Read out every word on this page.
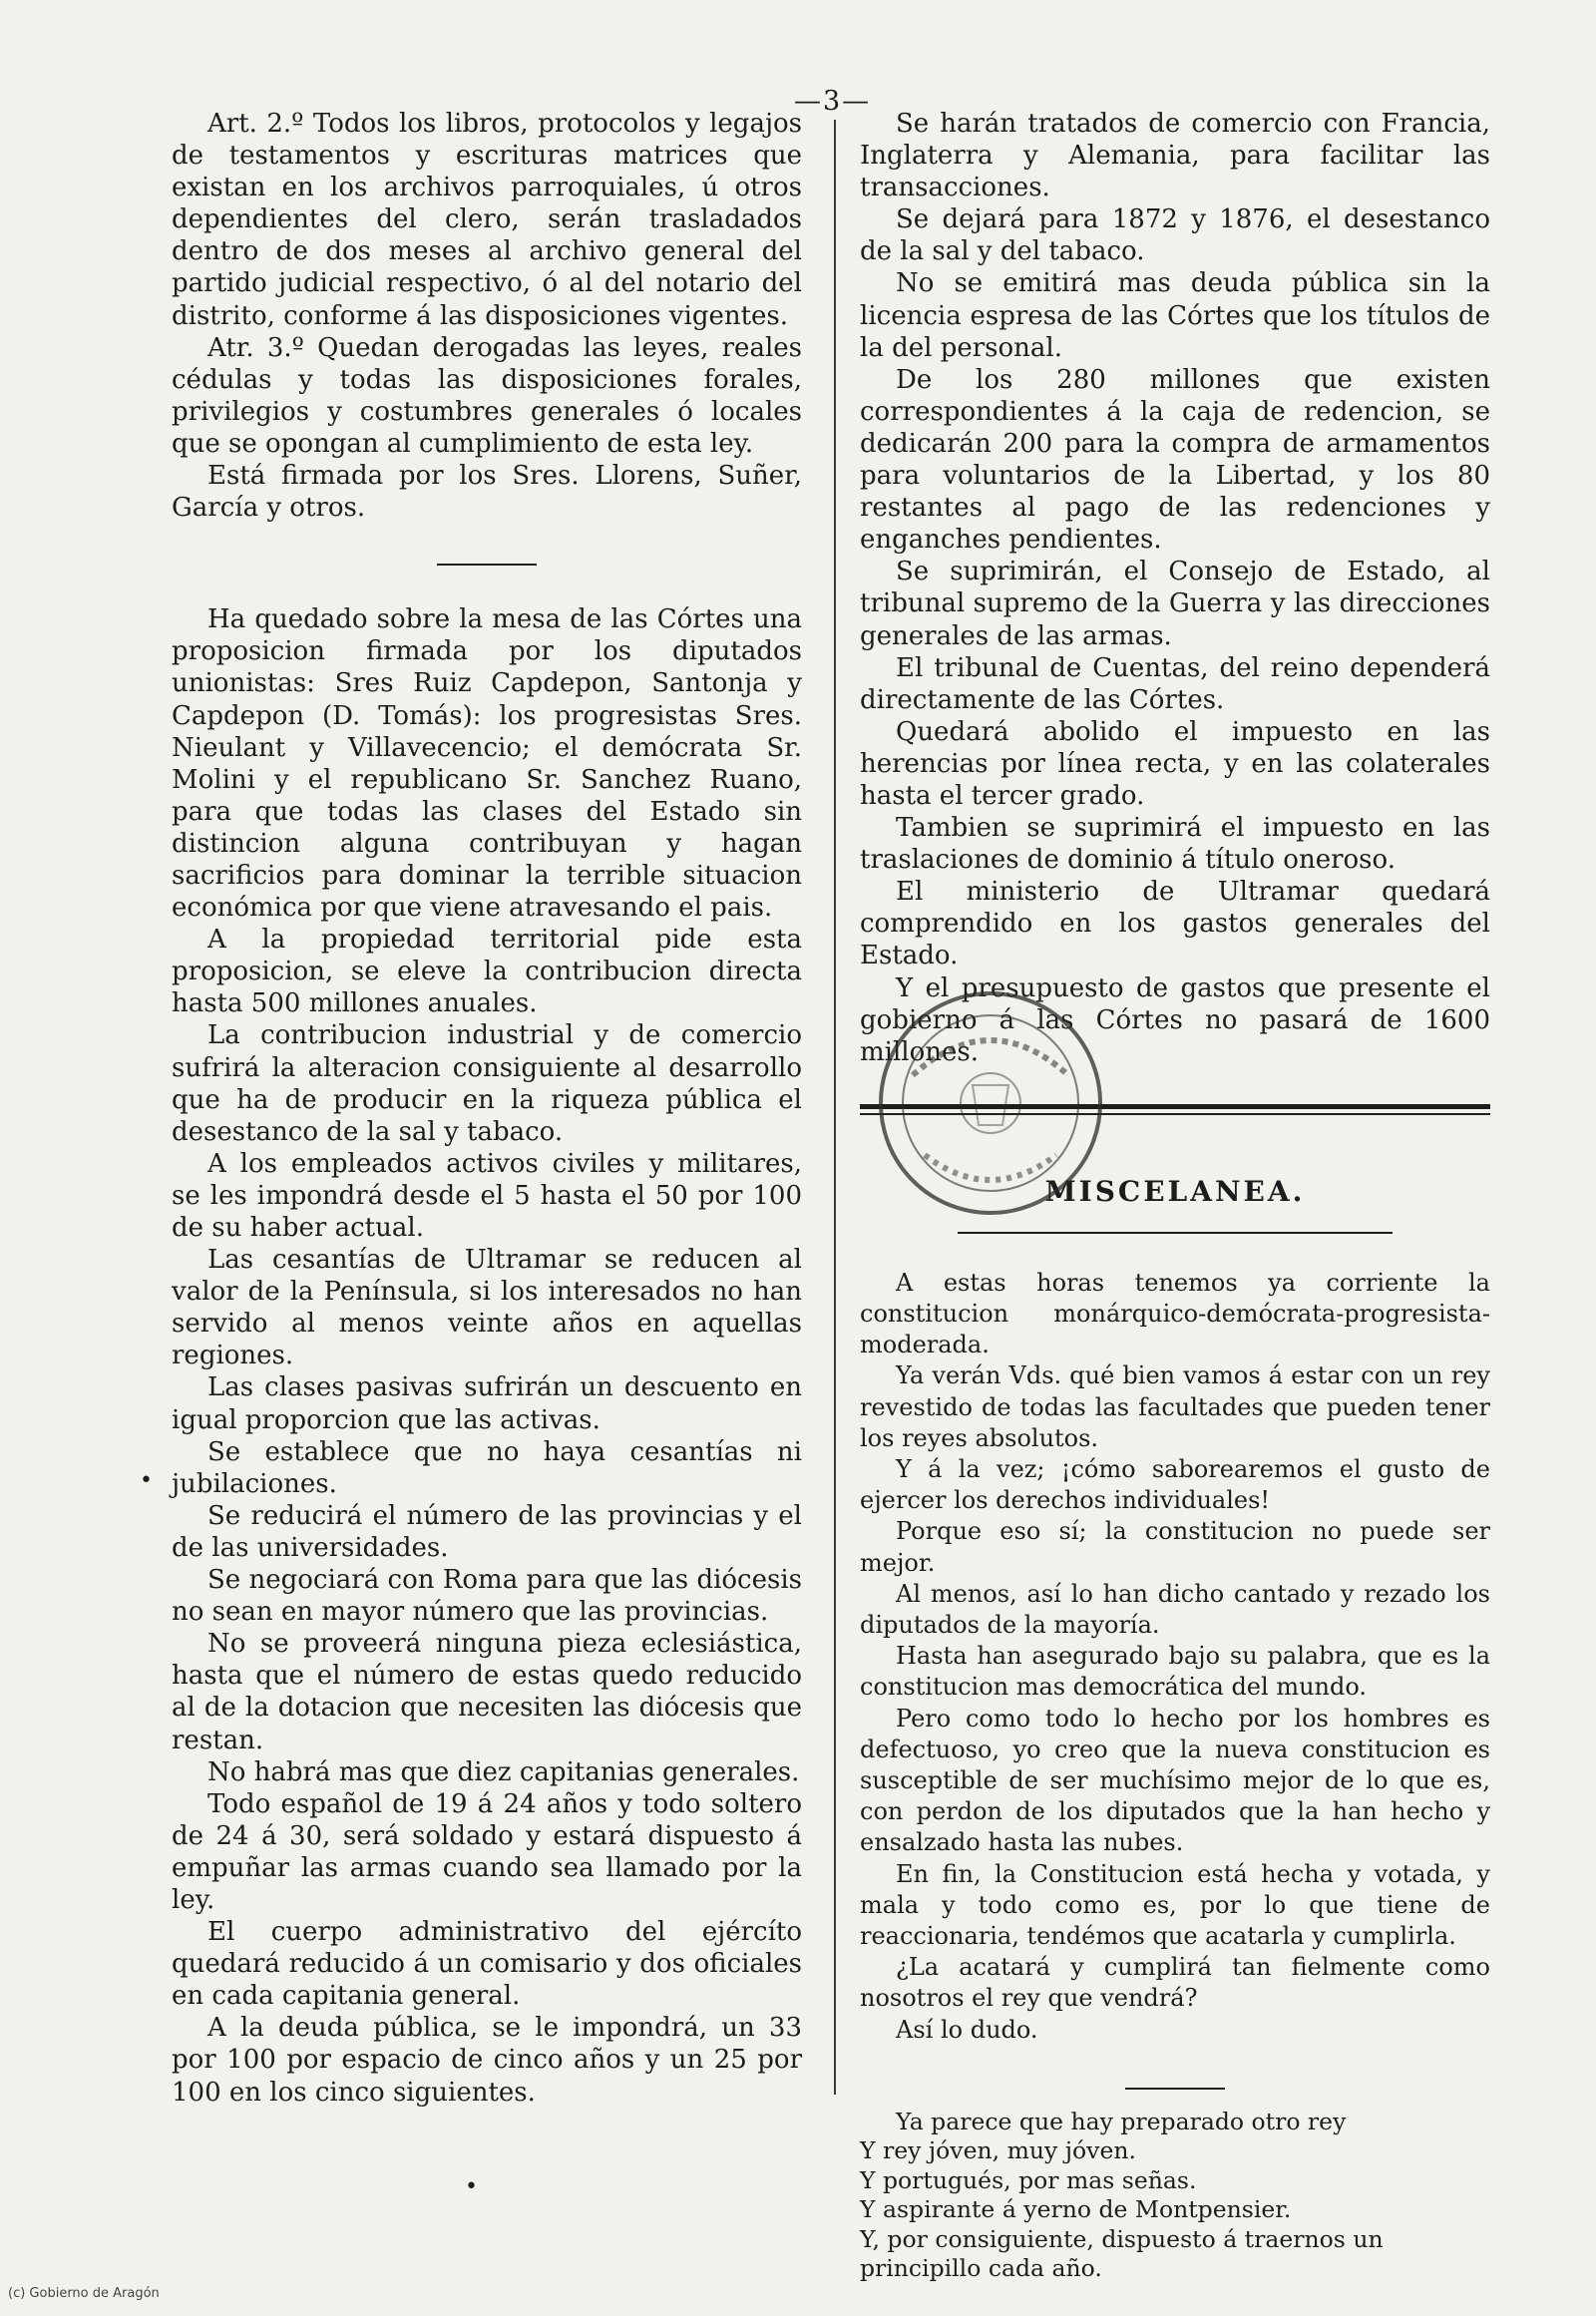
—3—

Art. 2.º Todos los libros, protocolos y legajos de testamentos y escrituras matrices que existan en los archivos parroquiales, ú otros dependientes del clero, serán trasladados dentro de dos meses al archivo general del partido judicial respectivo, ó al del notario del distrito, conforme á las disposiciones vigentes.

Atr. 3.º Quedan derogadas las leyes, reales cédulas y todas las disposiciones forales, privilegios y costumbres generales ó locales que se opongan al cumplimiento de esta ley.

Está firmada por los Sres. Llorens, Suñer, García y otros.

Ha quedado sobre la mesa de las Córtes una proposicion firmada por los diputados unionistas: Sres Ruiz Capdepon, Santonja y Capdepon (D. Tomás): los progresistas Sres. Nieulant y Villavecencio; el demócrata Sr. Molini y el republicano Sr. Sanchez Ruano, para que todas las clases del Estado sin distincion alguna contribuyan y hagan sacrificios para dominar la terrible situacion económica por que viene atravesando el pais.

A la propiedad territorial pide esta proposicion, se eleve la contribucion directa hasta 500 millones anuales.

La contribucion industrial y de comercio sufrirá la alteracion consiguiente al desarrollo que ha de producir en la riqueza pública el desestanco de la sal y tabaco.

A los empleados activos civiles y militares, se les impondrá desde el 5 hasta el 50 por 100 de su haber actual.

Las cesantías de Ultramar se reducen al valor de la Península, si los interesados no han servido al menos veinte años en aquellas regiones.

Las clases pasivas sufrirán un descuento en igual proporcion que las activas.

Se establece que no haya cesantías ni jubilaciones.

Se reducirá el número de las provincias y el de las universidades.

Se negociará con Roma para que las diócesis no sean en mayor número que las provincias.

No se proveerá ninguna pieza eclesiástica, hasta que el número de estas quedo reducido al de la dotacion que necesiten las diócesis que restan.

No habrá mas que diez capitanias generales.

Todo español de 19 á 24 años y todo soltero de 24 á 30, será soldado y estará dispuesto á empuñar las armas cuando sea llamado por la ley.

El cuerpo administrativo del ejércíto quedará reducido á un comisario y dos oficiales en cada capitania general.

A la deuda pública, se le impondrá, un 33 por 100 por espacio de cinco años y un 25 por 100 en los cinco siguientes.

Se harán tratados de comercio con Francia, Inglaterra y Alemania, para facilitar las transacciones.

Se dejará para 1872 y 1876, el desestanco de la sal y del tabaco.

No se emitirá mas deuda pública sin la licencia espresa de las Córtes que los títulos de la del personal.

De los 280 millones que existen correspondientes á la caja de redencion, se dedicarán 200 para la compra de armamentos para voluntarios de la Libertad, y los 80 restantes al pago de las redenciones y enganches pendientes.

Se suprimirán, el Consejo de Estado, al tribunal supremo de la Guerra y las direcciones generales de las armas.

El tribunal de Cuentas, del reino dependerá directamente de las Córtes.

Quedará abolido el impuesto en las herencias por línea recta, y en las colaterales hasta el tercer grado.

Tambien se suprimirá el impuesto en las traslaciones de dominio á título oneroso.

El ministerio de Ultramar quedará comprendido en los gastos generales del Estado.

Y el presupuesto de gastos que presente el gobierno á las Córtes no pasará de 1600 millones.

MISCELANEA.

A estas horas tenemos ya corriente la constitucion monárquico-demócrata-progresista-moderada.

Ya verán Vds. qué bien vamos á estar con un rey revestido de todas las facultades que pueden tener los reyes absolutos.

Y á la vez; ¡cómo saborearemos el gusto de ejercer los derechos individuales!

Porque eso sí; la constitucion no puede ser mejor.

Al menos, así lo han dicho cantado y rezado los diputados de la mayoría.

Hasta han asegurado bajo su palabra, que es la constitucion mas democrática del mundo.

Pero como todo lo hecho por los hombres es defectuoso, yo creo que la nueva constitucion es susceptible de ser muchísimo mejor de lo que es, con perdon de los diputados que la han hecho y ensalzado hasta las nubes.

En fin, la Constitucion está hecha y votada, y mala y todo como es, por lo que tiene de reaccionaria, tendémos que acatarla y cumplirla.

¿La acatará y cumplirá tan fielmente como nosotros el rey que vendrá?

Así lo dudo.

Ya parece que hay preparado otro rey

Y rey jóven, muy jóven.

Y portugués, por mas señas.

Y aspirante á yerno de Montpensier.

Y, por consiguiente, dispuesto á traernos un principillo cada año.

•
•
(c) Gobierno de Aragón
